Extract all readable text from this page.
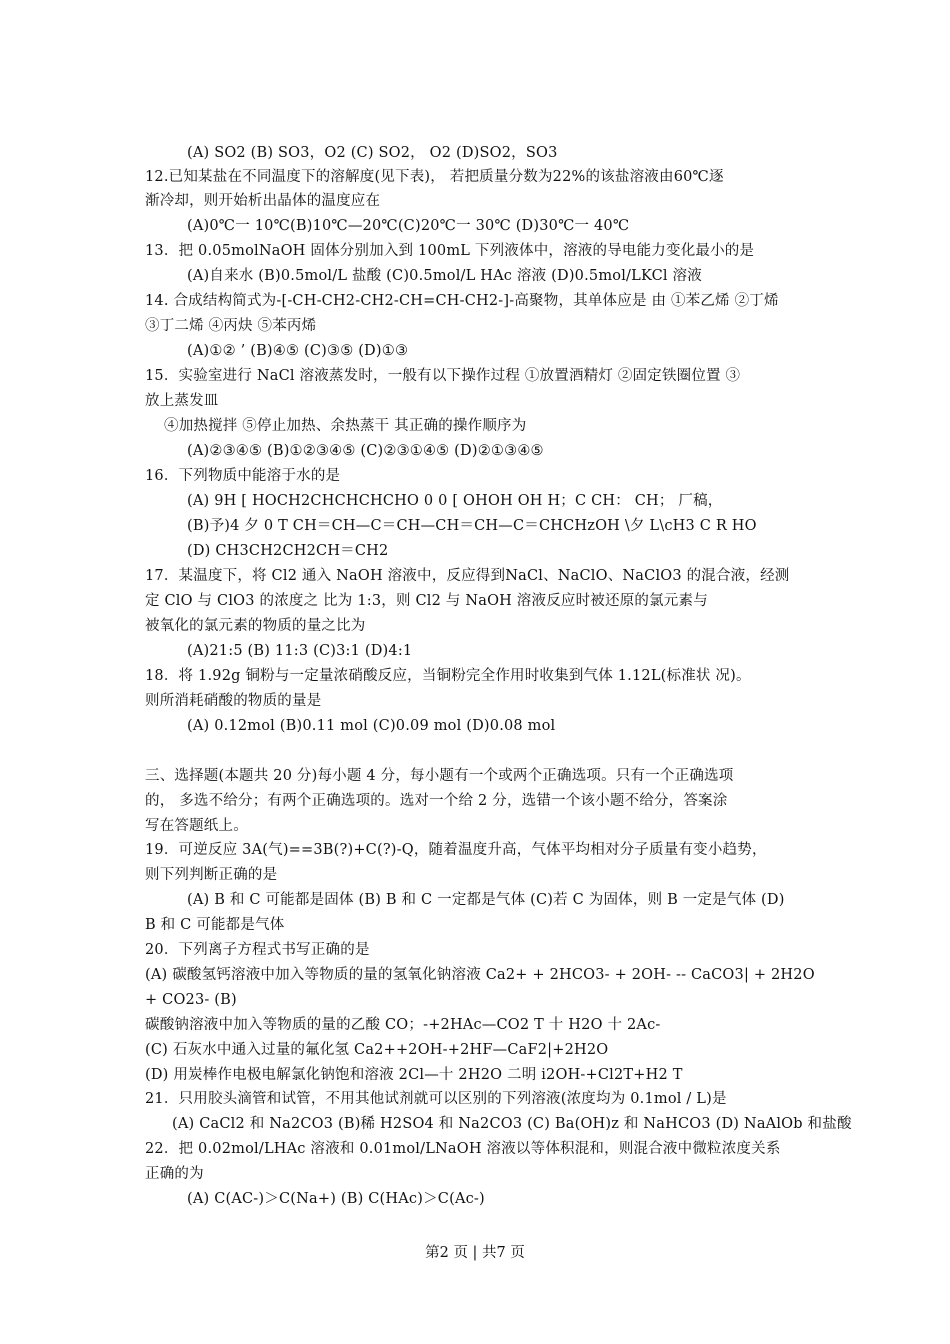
(A) SO2 (B) SO3，O2 (C) SO2， O2 (D)SO2，SO3
12.已知某盐在不同温度下的溶解度(见下表)， 若把质量分数为22%的该盐溶液由60℃逐
渐冷却，则开始析出晶体的温度应在
(A)0℃一 10℃(B)10℃—20℃(C)20℃一 30℃ (D)30℃一 40℃
13．把 0.05molNaOH 固体分别加入到 100mL 下列液体中，溶液的导电能力变化最小的是
(A)自来水 (B)0.5mol/L 盐酸 (C)0.5mol/L HAc 溶液 (D)0.5mol/LKCl 溶液
14. 合成结构简式为-[-CH-CH2-CH2-CH=CH-CH2-]-高聚物，其单体应是 由 ①苯乙烯 ②丁烯
③丁二烯 ④丙炔 ⑤苯丙烯
(A)①② ’ (B)④⑤ (C)③⑤ (D)①③
15．实验室进行 NaCl 溶液蒸发时，一般有以下操作过程 ①放置酒精灯 ②固定铁圈位置 ③
放上蒸发皿
④加热搅拌 ⑤停止加热、余热蒸干 其正确的操作顺序为
(A)②③④⑤ (B)①②③④⑤ (C)②③①④⑤ (D)②①③④⑤
16．下列物质中能溶于水的是
(A) 9H [ HOCH2CHCHCHCHO 0 0 [ OHOH OH H；C CH： CH； 厂稿，
(B)予)4 夕 0 T CH＝CH—C＝CH—CH＝CH—C＝CHCHzOH \夕 L\cH3 C R HO
(D) CH3CH2CH2CH＝CH2
17．某温度下，将 Cl2 通入 NaOH 溶液中，反应得到NaCl、NaClO、NaClO3 的混合液，经测
定 ClO 与 ClO3 的浓度之 比为 1:3，则 Cl2 与 NaOH 溶液反应时被还原的氯元素与
被氧化的氯元素的物质的量之比为
(A)21:5 (B) 11:3 (C)3:1 (D)4:1
18．将 1.92g 铜粉与一定量浓硝酸反应，当铜粉完全作用时收集到气体 1.12L(标准状 况)。
则所消耗硝酸的物质的量是
(A) 0.12mol (B)0.11 mol (C)0.09 mol (D)0.08 mol
三、选择题(本题共 20 分)每小题 4 分，每小题有一个或两个正确选项。只有一个正确选项
的， 多选不给分；有两个正确选项的。选对一个给 2 分，选错一个该小题不给分，答案涂
写在答题纸上。
19．可逆反应 3A(气)==3B(?)+C(?)-Q，随着温度升高，气体平均相对分子质量有变小趋势，
则下列判断正确的是
(A) B 和 C 可能都是固体 (B) B 和 C 一定都是气体 (C)若 C 为固体，则 B 一定是气体 (D)
B 和 C 可能都是气体
20．下列离子方程式书写正确的是
(A) 碳酸氢钙溶液中加入等物质的量的氢氧化钠溶液 Ca2+ + 2HCO3- + 2OH- -- CaCO3| + 2H2O
+ CO23- (B)
碳酸钠溶液中加入等物质的量的乙酸 CO；-+2HAc—CO2 T 十 H2O 十 2Ac-
(C) 石灰水中通入过量的氟化氢 Ca2++2OH-+2HF—CaF2|+2H2O
(D) 用炭棒作电极电解氯化钠饱和溶液 2Cl—十 2H2O 二明 i2OH-+Cl2T+H2 T
21．只用胶头滴管和试管，不用其他试剂就可以区别的下列溶液(浓度均为 0.1mol / L)是
(A) CaCl2 和 Na2CO3 (B)稀 H2SO4 和 Na2CO3 (C) Ba(OH)z 和 NaHCO3 (D) NaAlOb 和盐酸
22．把 0.02mol/LHAc 溶液和 0.01mol/LNaOH 溶液以等体积混和，则混合液中微粒浓度关系
正确的为
(A) C(AC-)＞C(Na+) (B) C(HAc)＞C(Ac-)
第2 页 | 共7 页
